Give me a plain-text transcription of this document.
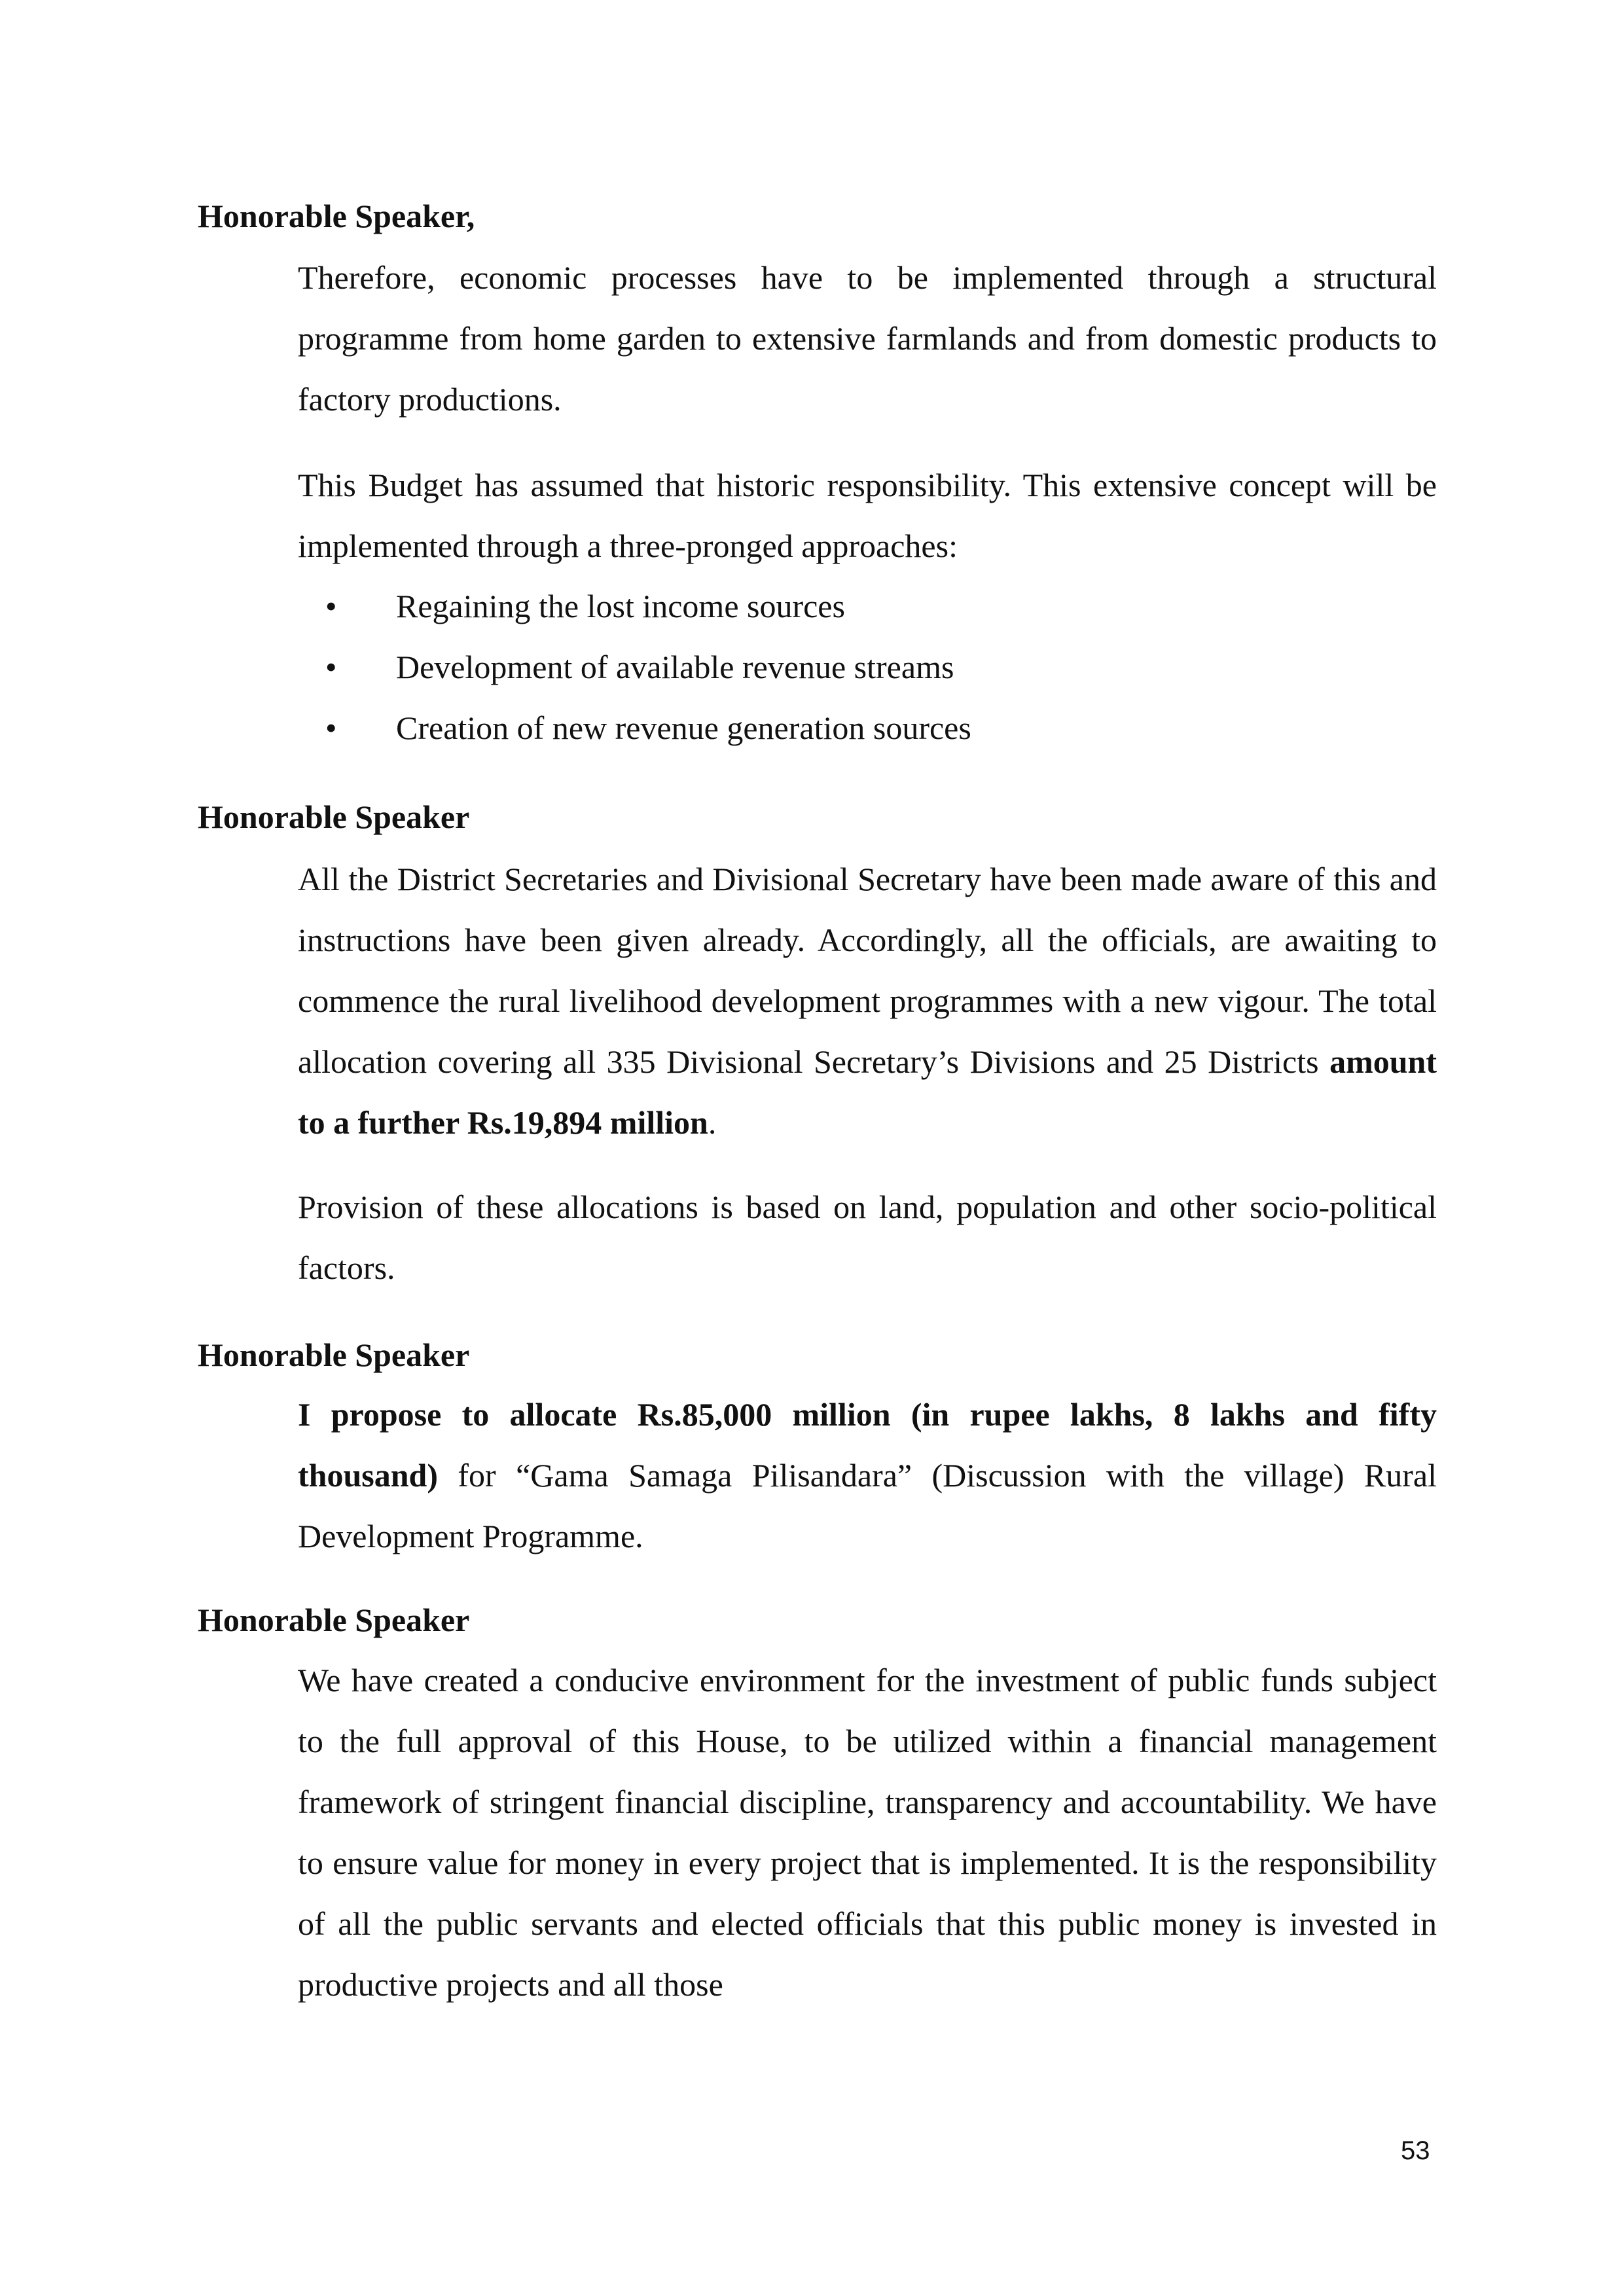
Honorable Speaker,

Therefore, economic processes have to be implemented through a structural programme from home garden to extensive farmlands and from domestic products to factory productions.

This Budget has assumed that historic responsibility. This extensive concept will be implemented through a three-pronged approaches:

• Regaining the lost income sources
• Development of available revenue streams
• Creation of new revenue generation sources
Honorable Speaker

All the District Secretaries and Divisional Secretary have been made aware of this and instructions have been given already. Accordingly, all the officials, are awaiting to commence the rural livelihood development programmes with a new vigour. The total allocation covering all 335 Divisional Secretary’s Divisions and 25 Districts amount to a further Rs.19,894 million.

Provision of these allocations is based on land, population and other socio-political factors.

Honorable Speaker

I propose to allocate Rs.85,000 million (in rupee lakhs, 8 lakhs and fifty thousand) for “Gama Samaga Pilisandara” (Discussion with the village) Rural Development Programme.

Honorable Speaker

We have created a conducive environment for the investment of public funds subject to the full approval of this House, to be utilized within a financial management framework of stringent financial discipline, transparency and accountability. We have to ensure value for money in every project that is implemented. It is the responsibility of all the public servants and elected officials that this public money is invested in productive projects and all those

53
